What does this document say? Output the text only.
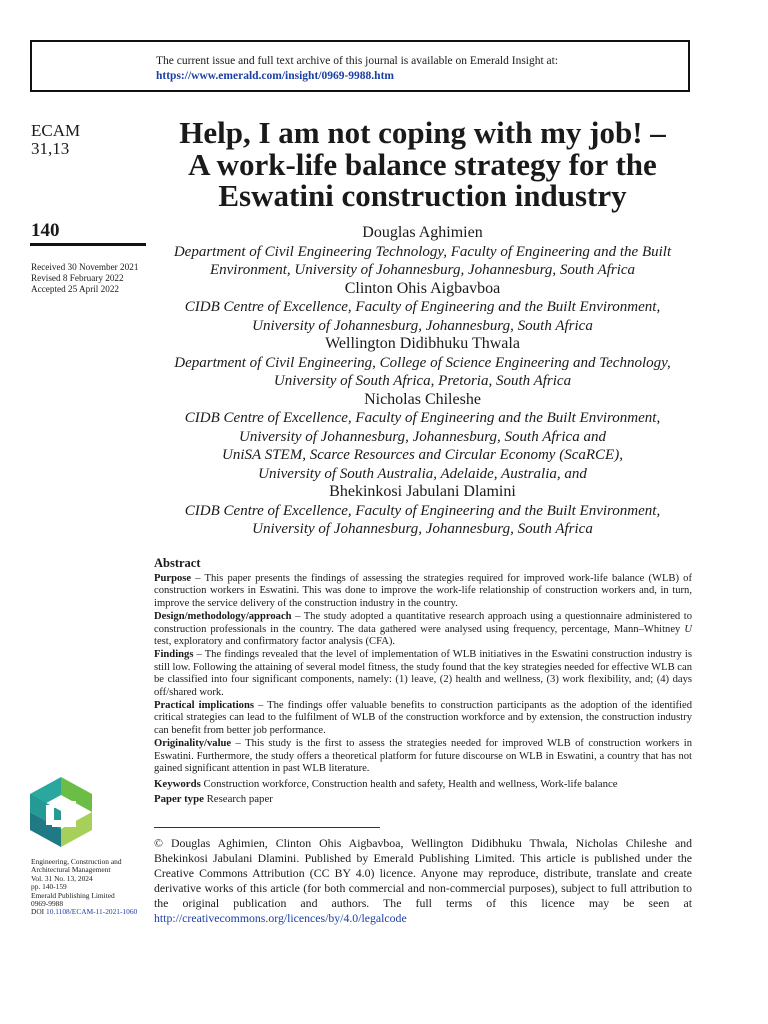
The current issue and full text archive of this journal is available on Emerald Insight at:
https://www.emerald.com/insight/0969-9988.htm
ECAM
31,13
140
Received 30 November 2021
Revised 8 February 2022
Accepted 25 April 2022
Help, I am not coping with my job! –
A work-life balance strategy for the
Eswatini construction industry
Douglas Aghimien
Department of Civil Engineering Technology, Faculty of Engineering and the Built
Environment, University of Johannesburg, Johannesburg, South Africa
Clinton Ohis Aigbavboa
CIDB Centre of Excellence, Faculty of Engineering and the Built Environment,
University of Johannesburg, Johannesburg, South Africa
Wellington Didibhuku Thwala
Department of Civil Engineering, College of Science Engineering and Technology,
University of South Africa, Pretoria, South Africa
Nicholas Chileshe
CIDB Centre of Excellence, Faculty of Engineering and the Built Environment,
University of Johannesburg, Johannesburg, South Africa and
UniSA STEM, Scarce Resources and Circular Economy (ScaRCE),
University of South Australia, Adelaide, Australia, and
Bhekinkosi Jabulani Dlamini
CIDB Centre of Excellence, Faculty of Engineering and the Built Environment,
University of Johannesburg, Johannesburg, South Africa
Abstract

Purpose – This paper presents the findings of assessing the strategies required for improved work-life balance (WLB) of construction workers in Eswatini. This was done to improve the work-life relationship of construction workers and, in turn, improve the service delivery of the construction industry in the country.

Design/methodology/approach – The study adopted a quantitative research approach using a questionnaire administered to construction professionals in the country. The data gathered were analysed using frequency, percentage, Mann–Whitney U test, exploratory and confirmatory factor analysis (CFA).

Findings – The findings revealed that the level of implementation of WLB initiatives in the Eswatini construction industry is still low. Following the attaining of several model fitness, the study found that the key strategies needed for effective WLB can be classified into four significant components, namely: (1) leave, (2) health and wellness, (3) work flexibility, and; (4) days off/shared work.

Practical implications – The findings offer valuable benefits to construction participants as the adoption of the identified critical strategies can lead to the fulfilment of WLB of the construction workforce and by extension, the construction industry can benefit from better job performance.

Originality/value – This study is the first to assess the strategies needed for improved WLB of construction workers in Eswatini. Furthermore, the study offers a theoretical platform for future discourse on WLB in Eswatini, a country that has not gained significant attention in past WLB literature.

Keywords Construction workforce, Construction health and safety, Health and wellness, Work-life balance

Paper type Research paper

© Douglas Aghimien, Clinton Ohis Aigbavboa, Wellington Didibhuku Thwala, Nicholas Chileshe and Bhekinkosi Jabulani Dlamini. Published by Emerald Publishing Limited. This article is published under the Creative Commons Attribution (CC BY 4.0) licence. Anyone may reproduce, distribute, translate and create derivative works of this article (for both commercial and non-commercial purposes), subject to full attribution to the original publication and authors. The full terms of this licence may be seen at http://creativecommons.org/licences/by/4.0/legalcode
Engineering, Construction and
Architectural Management
Vol. 31 No. 13, 2024
pp. 140-159
Emerald Publishing Limited
0969-9988
DOI 10.1108/ECAM-11-2021-1060
